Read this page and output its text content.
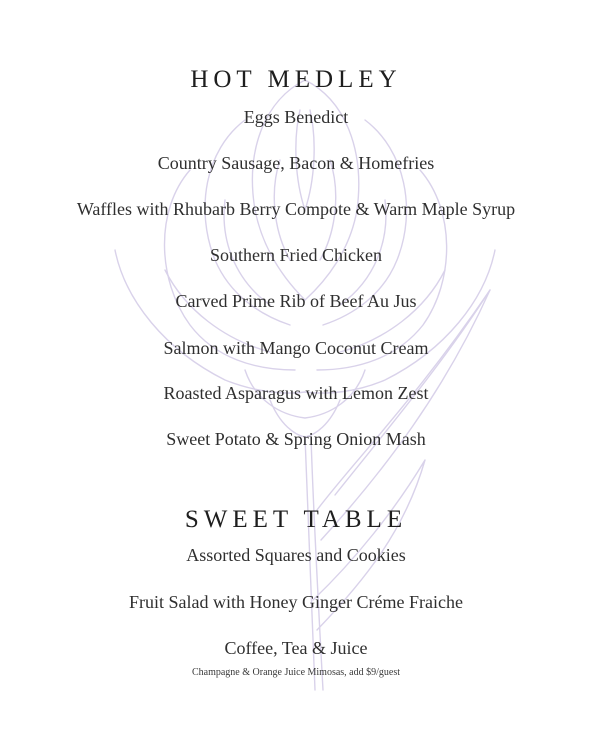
HOT MEDLEY
Eggs Benedict
Country Sausage, Bacon & Homefries
Waffles with Rhubarb Berry Compote & Warm Maple Syrup
Southern Fried Chicken
Carved Prime Rib of Beef Au Jus
Salmon with Mango Coconut Cream
Roasted Asparagus with Lemon Zest
Sweet Potato & Spring Onion Mash
SWEET TABLE
Assorted Squares and Cookies
Fruit Salad with Honey Ginger Créme Fraiche
Coffee, Tea & Juice
Champagne & Orange Juice Mimosas, add $9/guest
